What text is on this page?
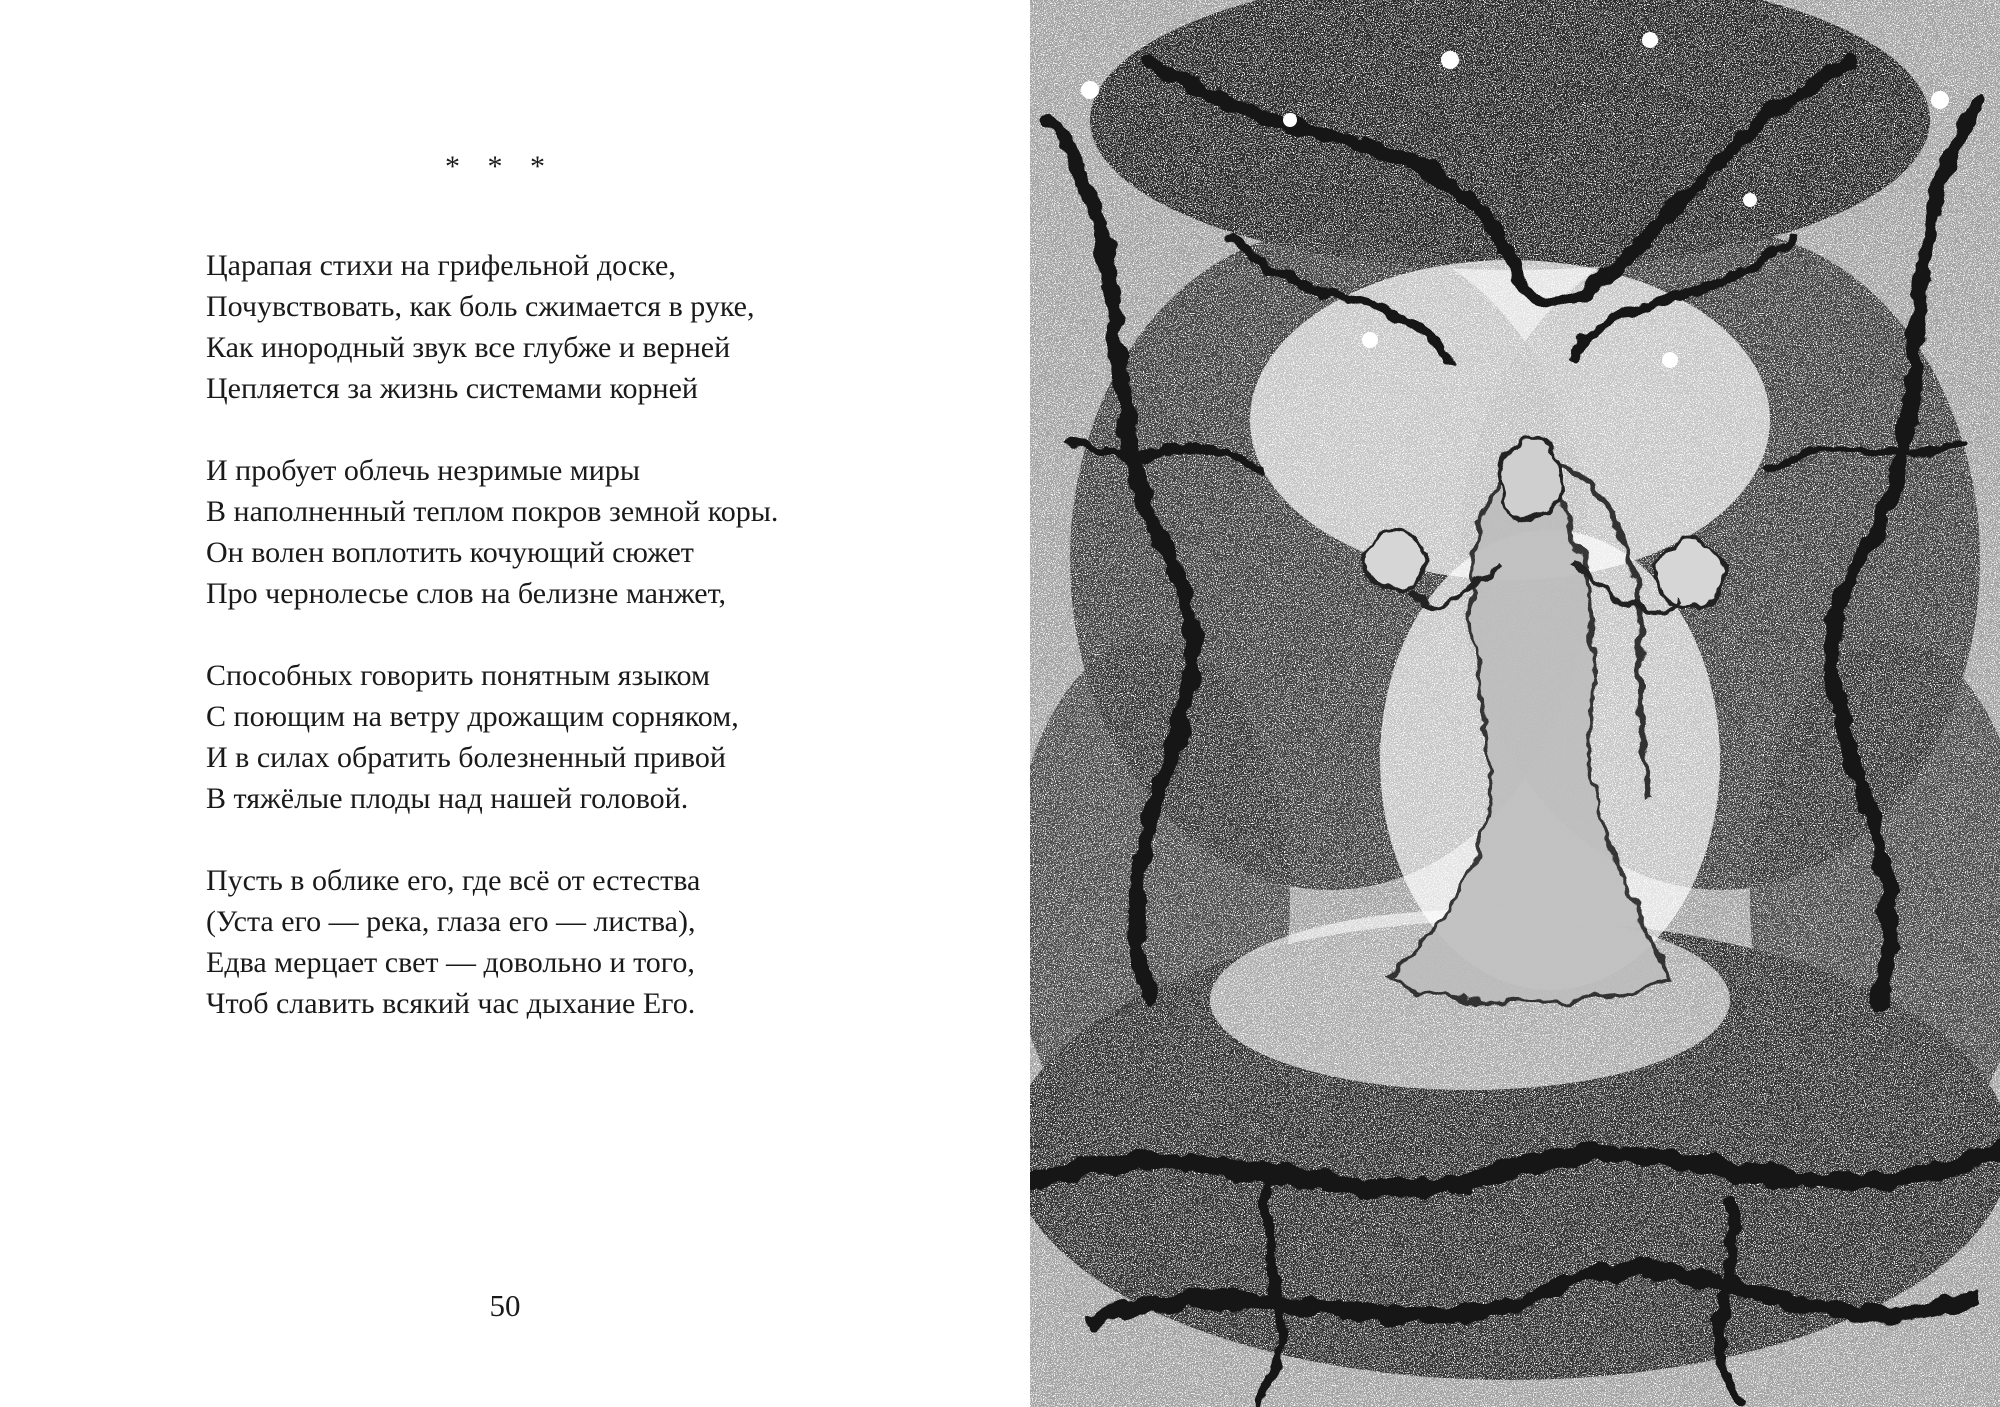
* * *
Царапая стихи на грифельной доске,
Почувствовать, как боль сжимается в руке,
Как инородный звук все глубже и верней
Цепляется за жизнь системами корней
И пробует облечь незримые миры
В наполненный теплом покров земной коры.
Он волен воплотить кочующий сюжет
Про чернолесье слов на белизне манжет,
Способных говорить понятным языком
С поющим на ветру дрожащим сорняком,
И в силах обратить болезненный привой
В тяжёлые плоды над нашей головой.
Пусть в облике его, где всё от естества
(Уста его — река, глаза его — листва),
Едва мерцает свет — довольно и того,
Чтоб славить всякий час дыхание Его.
50
